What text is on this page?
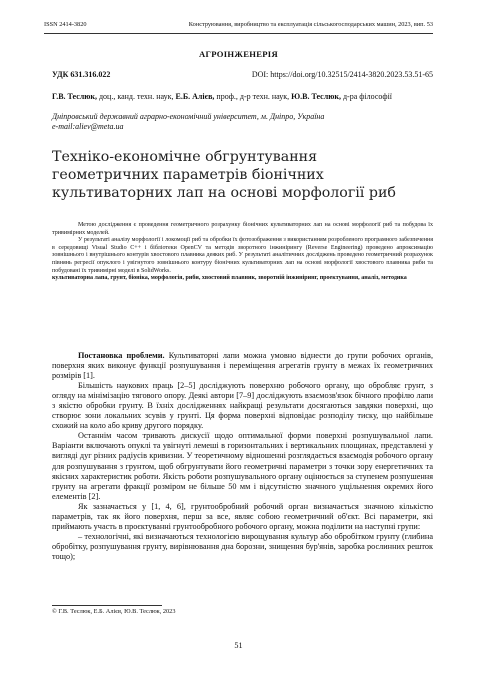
ISSN 2414-3820	Конструювання, виробництво та експлуатація сільськогосподарських машин, 2023, вип. 53
АГРОІНЖЕНЕРІЯ
УДК 631.316.022	DOI: https://doi.org/10.32515/2414-3820.2023.53.51-65
Г.В. Теслюк, доц., канд. техн. наук, Е.Б. Алієв, проф., д-р техн. наук, Ю.В. Теслюк, д-ра філософії
Дніпровський державний аграрно-економічний університет, м. Дніпро, Україна
e-mail:aliev@meta.ua
Техніко-економічне обгрунтування геометричних параметрів біонічних культиваторних лап на основі морфології риб

Метою дослідження є проведення геометричного розрахунку біонічних культиваторних лап на основі морфології риб та побудова їх тривимірних моделей.

У результаті аналізу морфології і локомоції риб та обробки їх фотозображення з використанням розробленого програмного забезпечення в середовищі Visual Studio C++ і бібліотеки OpenCV та методів зворотного інжинірингу (Reverse Engineering) проведено апроксимацію зовнішнього і внутрішнього контурів хвостового плавника деяких риб. У результаті аналітичних досліджень проведено геометричний розрахунок півнянь регресії опуклого і увігнутого зовнішнього контуру біонічних культиваторних лап на основі морфології хвостового плавника риби та побудовані їх тривимірні моделі в SolidWorks.

культиваторна лапа, грунт, біоніка, морфологія, риби, хвостовий плавник, зворотній інжиніринг, проектування, аналіз, методика

Постановка проблеми. Культиваторні лапи можна умовно віднести до групи робочих органів, поверхня яких виконує функції розпушування і переміщення агрегатів грунту в межах їх геометричних розмірів [1].

Більшість наукових праць [2–5] досліджують поверхню робочого органу, що обробляє грунт, з огляду на мінімізацію тягового опору. Деякі автори [7–9] досліджують взаємозв'язок бічного профілю лапи з якістю обробки грунту. В їхніх дослідженнях найкращі результати досягаються завдяки поверхні, що створює зони локальних зсувів у грунті. Ця форма поверхні відповідає розподілу тиску, що найбільше схожий на коло або криву другого порядку.

Останнім часом тривають дискусії щодо оптимальної форми поверхні розпушувальної лапи. Варіанти включають опуклі та увігнуті лемеші в горизонтальних і вертикальних площинах, представлені у вигляді дуг різних радіусів кривизни. У теоретичному відношенні розглядається взаємодія робочого органу для розпушування з грунтом, щоб обгрунтувати його геометричні параметри з точки зору енергетичних та якісних характеристик роботи. Якість роботи розпушувального органу оцінюється за ступенем розпушення грунту на агрегати фракції розміром не більше 50 мм і відсутністю значного ущільнення окремих його елементів [2].

Як зазначається у [1, 4, 6], грунтообробний робочий орган визначається значною кількістю параметрів, так як його поверхня, перш за все, являє собою геометричний об'єкт. Всі параметри, які приймають участь в проєктуванні грунтообробного робочого органу, можна поділити на наступні групи:

– технологічні, які визначаються технологією вирощування культур або обробітком грунту (глибина обробітку, розпушування грунту, вирівнювання дна борозни, знищення бур'янів, заробка рослинних решток тощо);

© Г.В. Теслюк, Е.Б. Алієв, Ю.В. Теслюк, 2023
51
